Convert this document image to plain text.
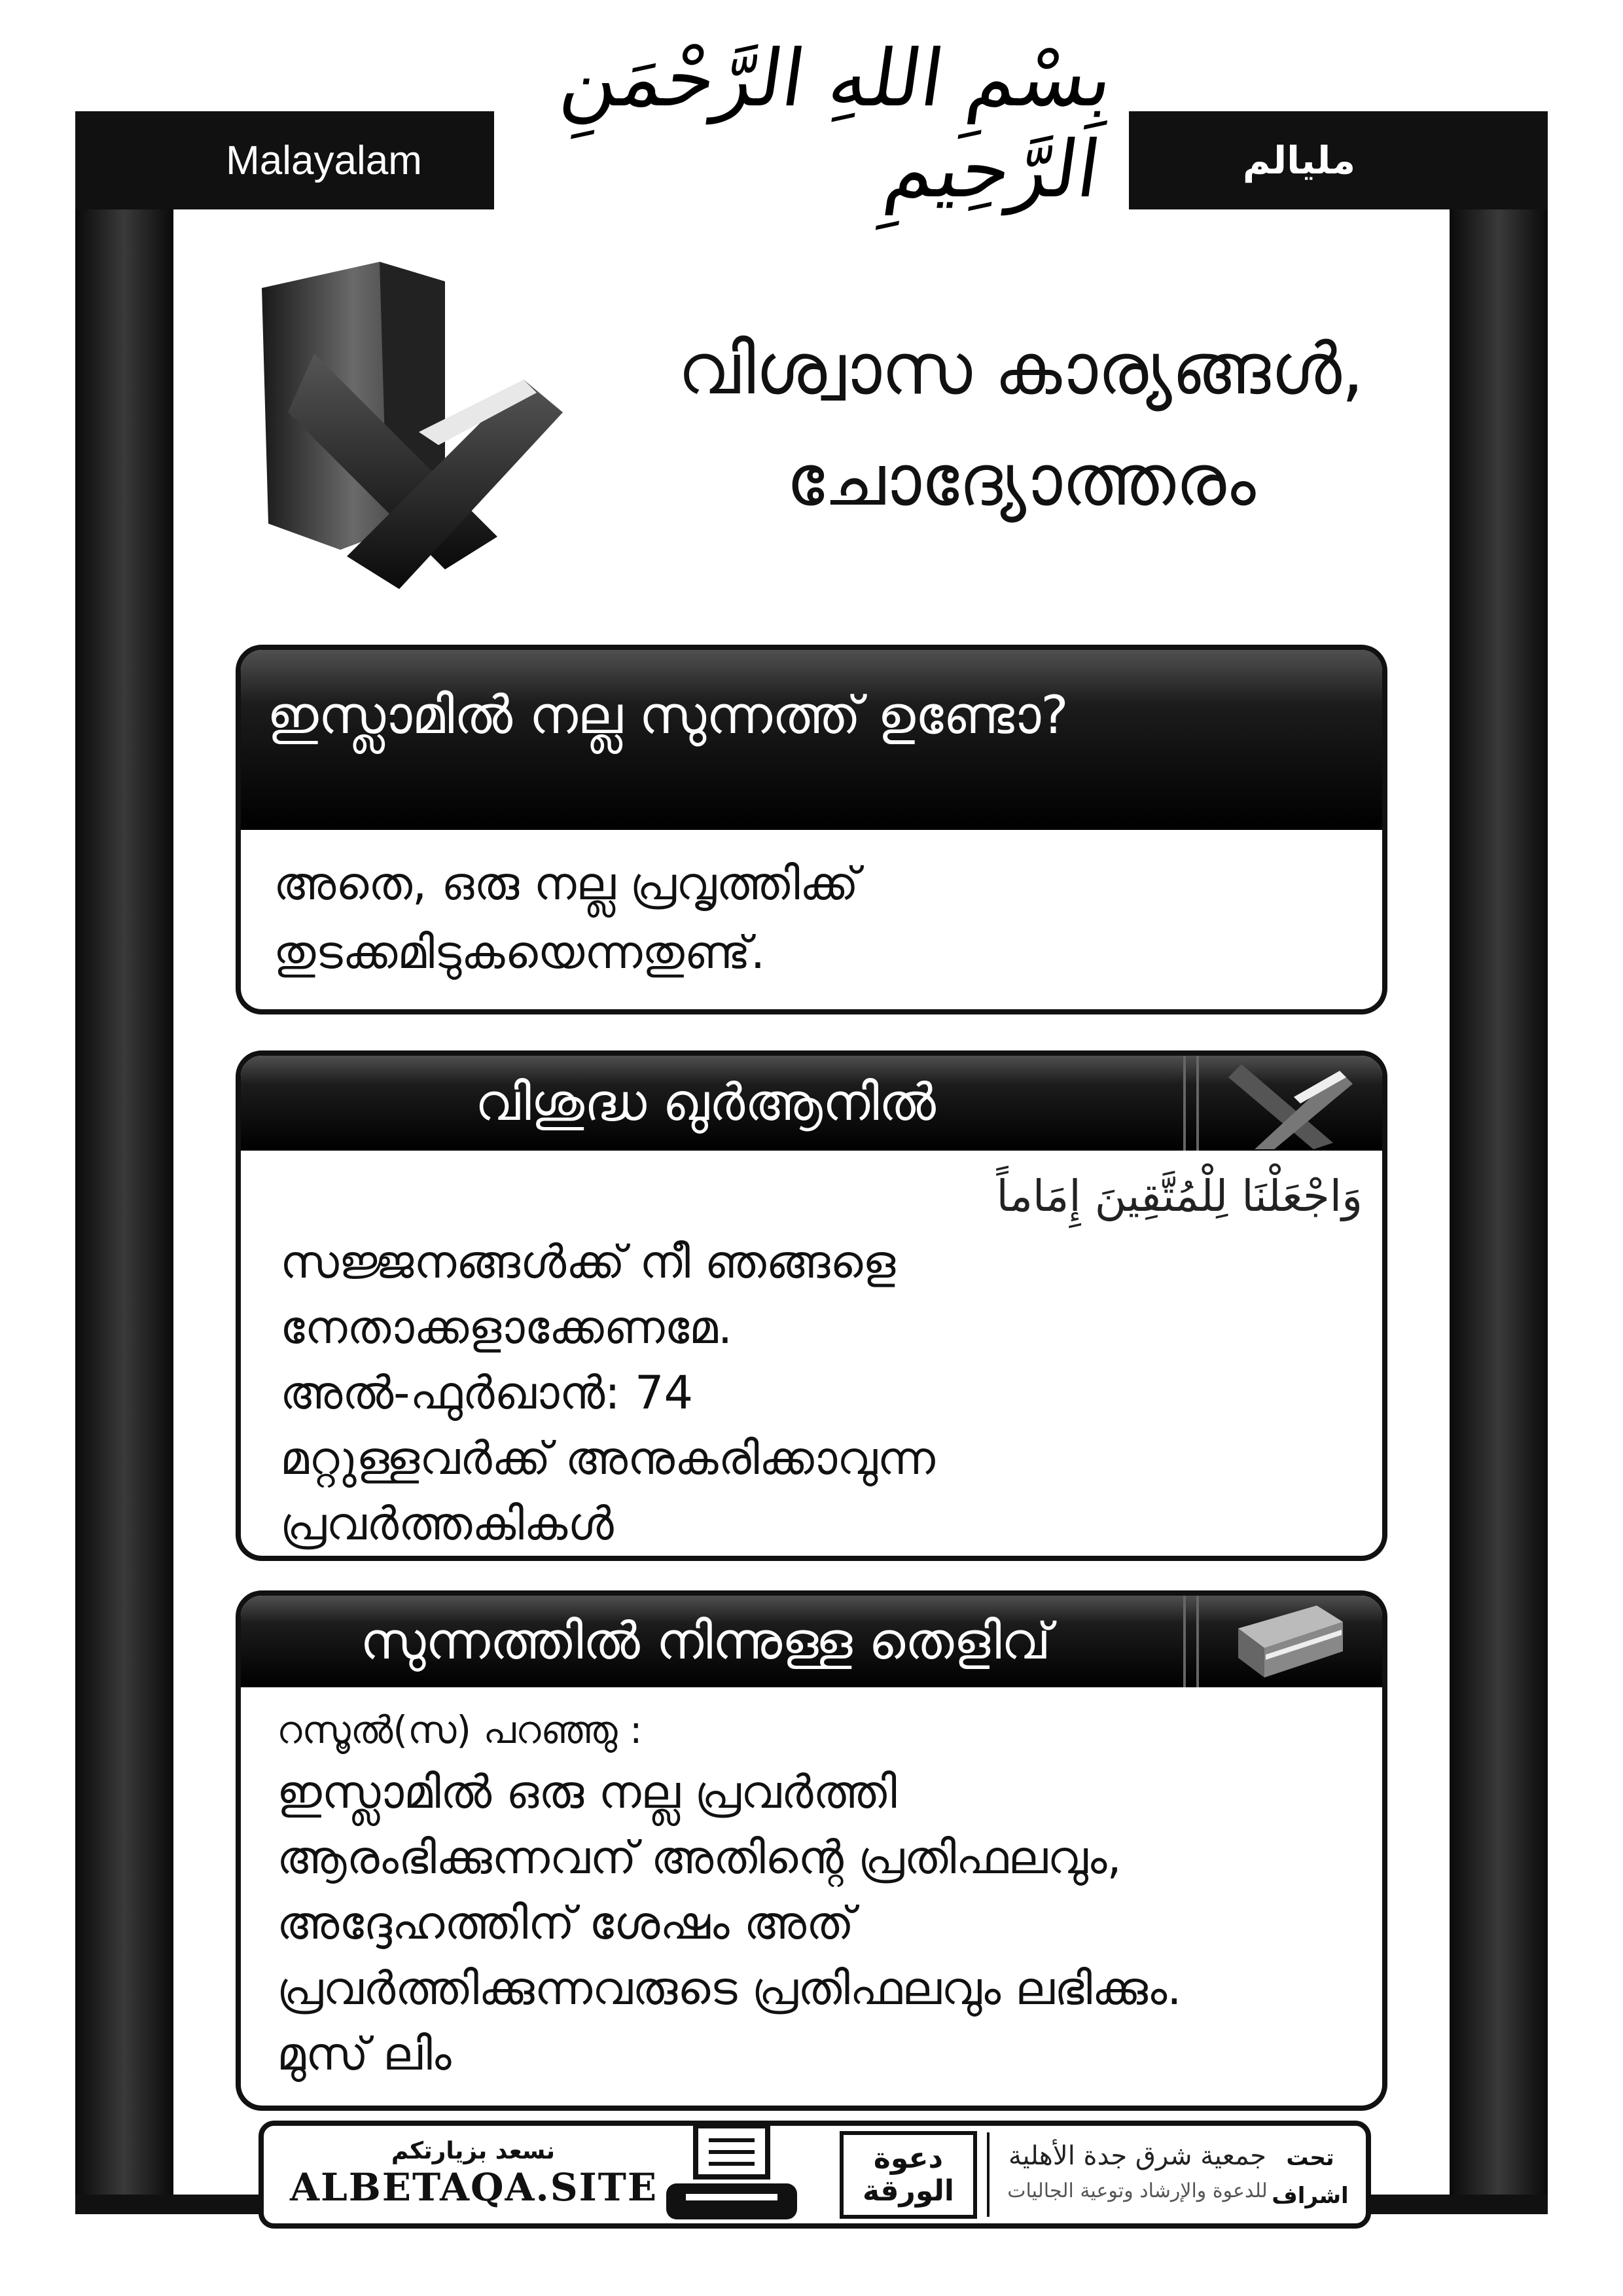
Malayalam	مليالم
بِسْمِ اللهِ الرَّحْمَنِ الرَّحِيمِ
വിശ്വാസ കാര്യങ്ങൾ,
ചോദ്യോത്തരം
ഇസ്ലാമിൽ നല്ല സുന്നത്ത് ഉണ്ടോ?
അതെ, ഒരു നല്ല പ്രവൃത്തിക്ക്
തുടക്കമിടുകയെന്നതുണ്ട്.
വിശുദ്ധ ഖുർആനിൽ
وَاجْعَلْنَا لِلْمُتَّقِينَ إِمَاماً
സജ്ജനങ്ങൾക്ക് നീ ഞങ്ങളെ
നേതാക്കളാക്കേണമേ.
അൽ-ഫുർഖാൻ: 74
മറ്റുള്ളവർക്ക് അനുകരിക്കാവുന്ന
പ്രവർത്തകികൾ
സുന്നത്തിൽ നിന്നുള്ള തെളിവ്
റസൂൽ(സ) പറഞ്ഞു :
ഇസ്ലാമിൽ ഒരു നല്ല പ്രവർത്തി
ആരംഭിക്കുന്നവന് അതിന്റെ പ്രതിഫലവും,
അദ്ദേഹത്തിന് ശേഷം അത്
പ്രവർത്തിക്കുന്നവരുടെ പ്രതിഫലവും ലഭിക്കും.
മുസ് ലിം
نسعد بزيارتكم
ALBETAQA.SITE
دعوة
الورقة
جمعية شرق جدة الأهلية
للدعوة والإرشاد وتوعية الجاليات
تحت
اشراف
